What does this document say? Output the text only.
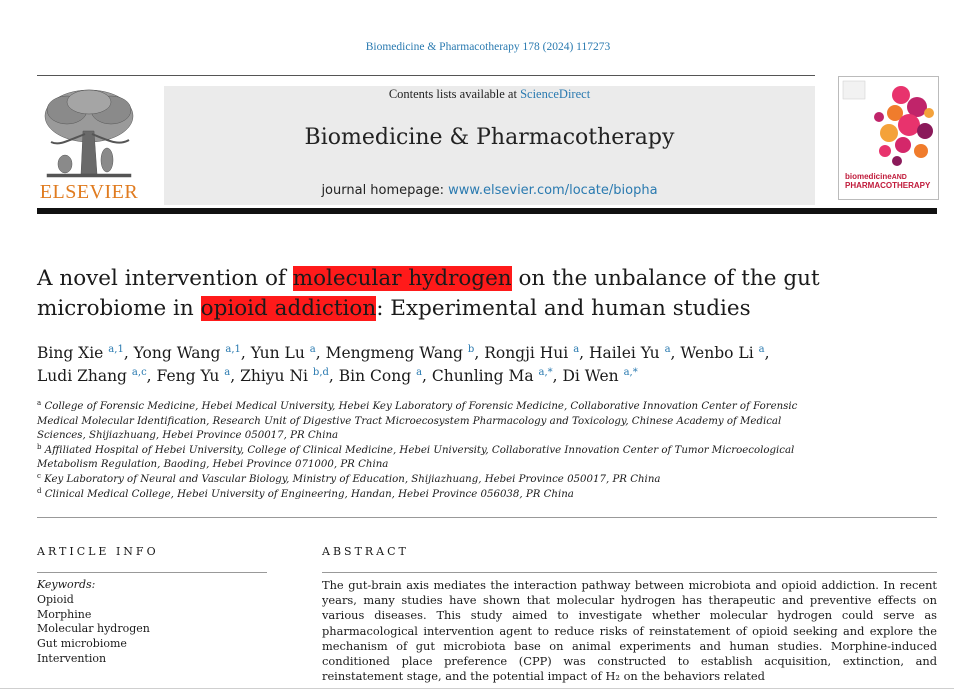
Biomedicine & Pharmacotherapy 178 (2024) 117273
ELSEVIER
Contents lists available at ScienceDirect
Biomedicine & Pharmacotherapy
journal homepage: www.elsevier.com/locate/biopha
biomedicineAND
PHARMACOTHERAPY
A novel intervention of molecular hydrogen on the unbalance of the gut microbiome in opioid addiction: Experimental and human studies
Bing Xie $^{a,1}$, Yong Wang $^{a,1}$, Yun Lu $^a$, Mengmeng Wang $^b$, Rongji Hui $^a$, Hailei Yu $^a$, Wenbo Li $^a$,
Ludi Zhang $^{a,c}$, Feng Yu $^a$, Zhiyu Ni $^{b,d}$, Bin Cong $^a$, Chunling Ma $^{a,*}$, Di Wen $^{a,*}$
$^a$ College of Forensic Medicine, Hebei Medical University, Hebei Key Laboratory of Forensic Medicine, Collaborative Innovation Center of Forensic Medical Molecular Identification, Research Unit of Digestive Tract Microecosystem Pharmacology and Toxicology, Chinese Academy of Medical Sciences, Shijiazhuang, Hebei Province 050017, PR China
$^b$ Affiliated Hospital of Hebei University, College of Clinical Medicine, Hebei University, Collaborative Innovation Center of Tumor Microecological Metabolism Regulation, Baoding, Hebei Province 071000, PR China
$^c$ Key Laboratory of Neural and Vascular Biology, Ministry of Education, Shijiazhuang, Hebei Province 050017, PR China
$^d$ Clinical Medical College, Hebei University of Engineering, Handan, Hebei Province 056038, PR China
ARTICLE INFO
Keywords:
Opioid
Morphine
Molecular hydrogen
Gut microbiome
Intervention
ABSTRACT
The gut-brain axis mediates the interaction pathway between microbiota and opioid addiction. In recent years, many studies have shown that molecular hydrogen has therapeutic and preventive effects on various diseases. This study aimed to investigate whether molecular hydrogen could serve as pharmacological intervention agent to reduce risks of reinstatement of opioid seeking and explore the mechanism of gut microbiota base on animal experiments and human studies. Morphine-induced conditioned place preference (CPP) was constructed to establish acquisition, extinction, and reinstatement stage, and the potential impact of H₂ on the behaviors related
